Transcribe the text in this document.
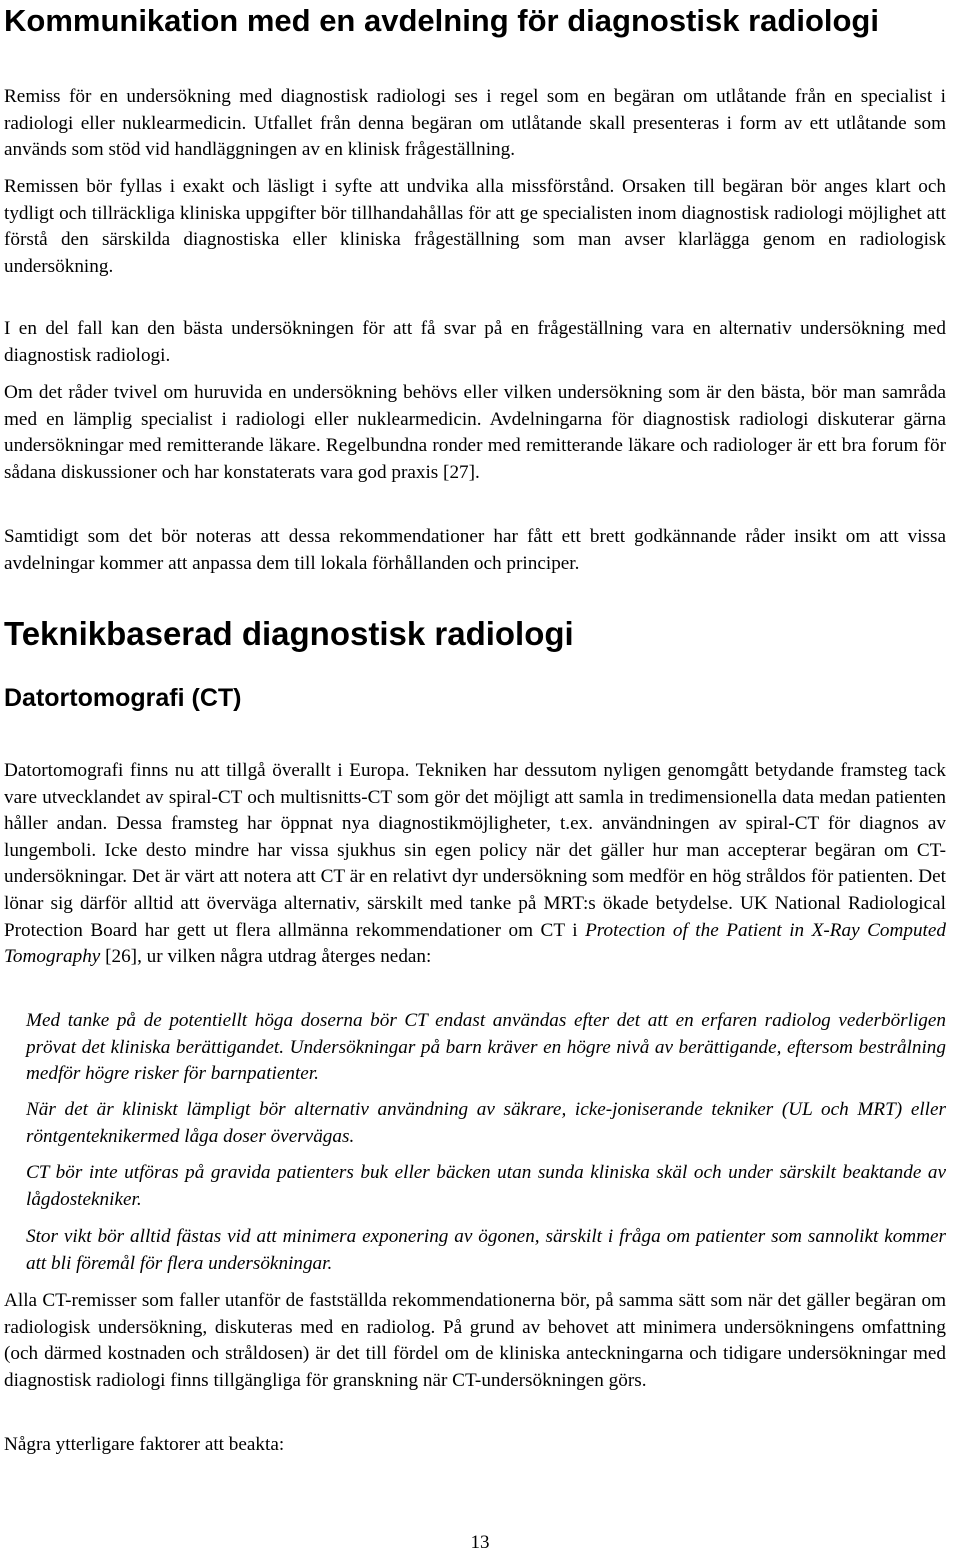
Kommunikation med en avdelning för diagnostisk radiologi

Remiss för en undersökning med diagnostisk radiologi ses i regel som en begäran om utlåtande från en specialist i radiologi eller nuklearmedicin. Utfallet från denna begäran om utlåtande skall presenteras i form av ett utlåtande som används som stöd vid handläggningen av en klinisk frågeställning.

Remissen bör fyllas i exakt och läsligt i syfte att undvika alla missförstånd. Orsaken till begäran bör anges klart och tydligt och tillräckliga kliniska uppgifter bör tillhandahållas för att ge specialisten inom diagnostisk radiologi möjlighet att förstå den särskilda diagnostiska eller kliniska frågeställning som man avser klarlägga genom en radiologisk undersökning.

I en del fall kan den bästa undersökningen för att få svar på en frågeställning vara en alternativ undersökning med diagnostisk radiologi.

Om det råder tvivel om huruvida en undersökning behövs eller vilken undersökning som är den bästa, bör man samråda med en lämplig specialist i radiologi eller nuklearmedicin. Avdelningarna för diagnostisk radiologi diskuterar gärna undersökningar med remitterande läkare. Regelbundna ronder med remitterande läkare och radiologer är ett bra forum för sådana diskussioner och har konstaterats vara god praxis [27].

Samtidigt som det bör noteras att dessa rekommendationer har fått ett brett godkännande råder insikt om att vissa avdelningar kommer att anpassa dem till lokala förhållanden och principer.

Teknikbaserad diagnostisk radiologi
Datortomografi (CT)

Datortomografi finns nu att tillgå överallt i Europa. Tekniken har dessutom nyligen genomgått betydande framsteg tack vare utvecklandet av spiral-CT och multisnitts-CT som gör det möjligt att samla in tredimensionella data medan patienten håller andan. Dessa framsteg har öppnat nya diagnostikmöjligheter, t.ex. användningen av spiral-CT för diagnos av lungemboli. Icke desto mindre har vissa sjukhus sin egen policy när det gäller hur man accepterar begäran om CT-undersökningar. Det är värt att notera att CT är en relativt dyr undersökning som medför en hög stråldos för patienten. Det lönar sig därför alltid att överväga alternativ, särskilt med tanke på MRT:s ökade betydelse. UK National Radiological Protection Board har gett ut flera allmänna rekommendationer om CT i Protection of the Patient in X-Ray Computed Tomography [26], ur vilken några utdrag återges nedan:

Med tanke på de potentiellt höga doserna bör CT endast användas efter det att en erfaren radiolog vederbörligen prövat det kliniska berättigandet. Undersökningar på barn kräver en högre nivå av berättigande, eftersom bestrålning medför högre risker för barnpatienter.

När det är kliniskt lämpligt bör alternativ användning av säkrare, icke-joniserande tekniker (UL och MRT) eller röntgenteknikermed låga doser övervägas.

CT bör inte utföras på gravida patienters buk eller bäcken utan sunda kliniska skäl och under särskilt beaktande av lågdostekniker.

Stor vikt bör alltid fästas vid att minimera exponering av ögonen, särskilt i fråga om patienter som sannolikt kommer att bli föremål för flera undersökningar.

Alla CT-remisser som faller utanför de fastställda rekommendationerna bör, på samma sätt som när det gäller begäran om radiologisk undersökning, diskuteras med en radiolog. På grund av behovet att minimera undersökningens omfattning (och därmed kostnaden och stråldosen) är det till fördel om de kliniska anteckningarna och tidigare undersökningar med diagnostisk radiologi finns tillgängliga för granskning när CT-undersökningen görs.

Några ytterligare faktorer att beakta:

13
